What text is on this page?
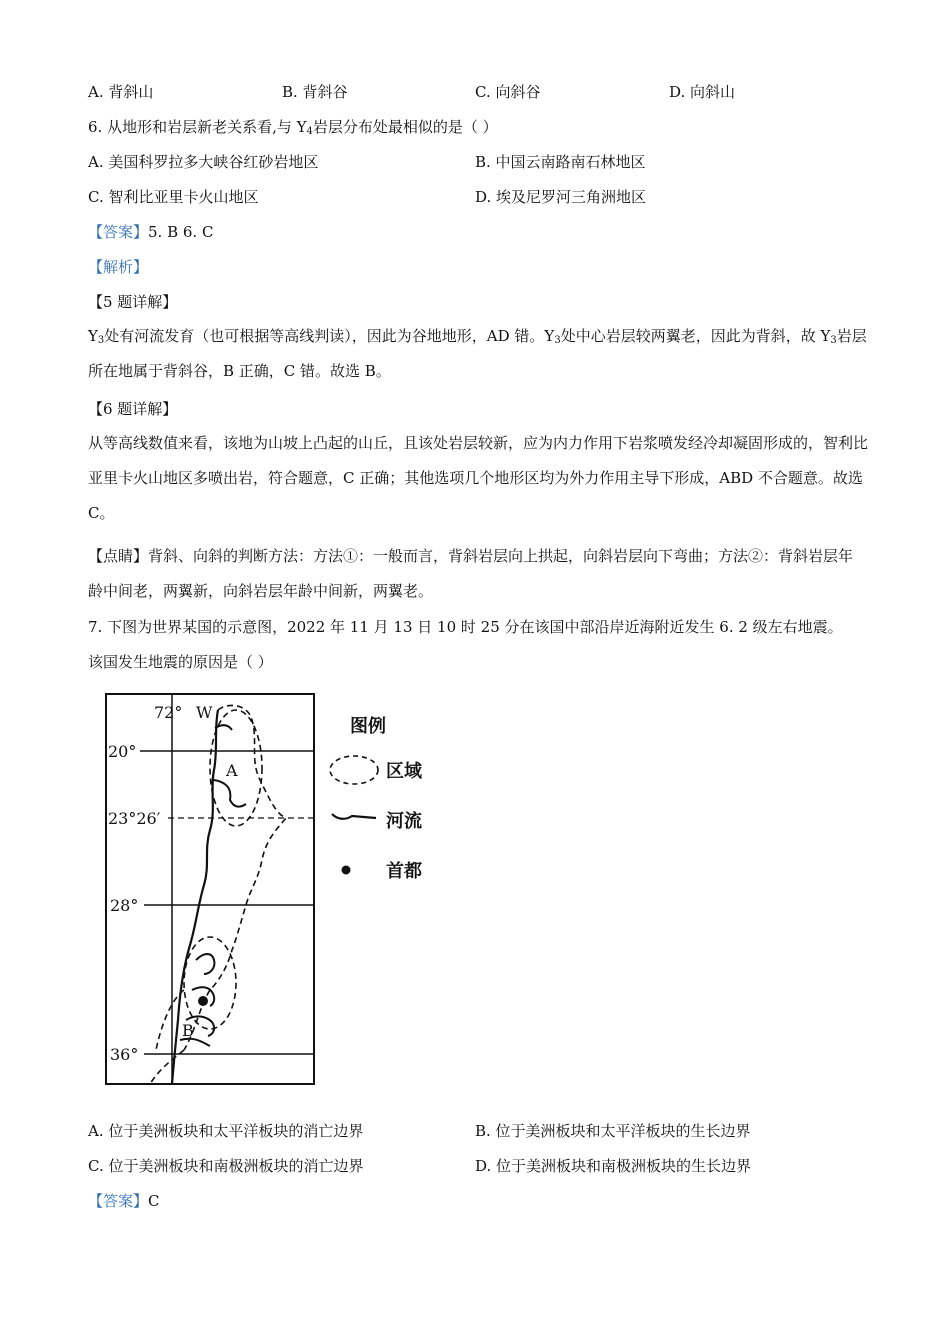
A. 背斜山	B. 背斜谷	C. 向斜谷	D. 向斜山
6. 从地形和岩层新老关系看,与 $Y_4$岩层分布处最相似的是（ ）
A. 美国科罗拉多大峡谷红砂岩地区	B. 中国云南路南石林地区
C. 智利比亚里卡火山地区	D. 埃及尼罗河三角洲地区
【答案】5. B 6. C
【解析】
【5 题详解】
$Y_3$处有河流发育（也可根据等高线判读），因此为谷地地形，AD 错。$Y_3$处中心岩层较两翼老，因此为背斜，故 $Y_3$岩层所在地属于背斜谷，B 正确，C 错。故选 B。
【6 题详解】
从等高线数值来看，该地为山坡上凸起的山丘，且该处岩层较新，应为内力作用下岩浆喷发经冷却凝固形成的，智利比亚里卡火山地区多喷出岩，符合题意，C 正确；其他选项几个地形区均为外力作用主导下形成，ABD 不合题意。故选 C。
【点睛】背斜、向斜的判断方法：方法①：一般而言，背斜岩层向上拱起，向斜岩层向下弯曲；方法②：背斜岩层年龄中间老，两翼新，向斜岩层年龄中间新，两翼老。
7. 下图为世界某国的示意图，2022 年 11 月 13 日 10 时 25 分在该国中部沿岸近海附近发生 6. 2 级左右地震。
该国发生地震的原因是（ ）
72° W
20°
23°26′
28°
36°
A
B
图例
区域
河流
首都
A. 位于美洲板块和太平洋板块的消亡边界	B. 位于美洲板块和太平洋板块的生长边界
C. 位于美洲板块和南极洲板块的消亡边界	D. 位于美洲板块和南极洲板块的生长边界
【答案】C
